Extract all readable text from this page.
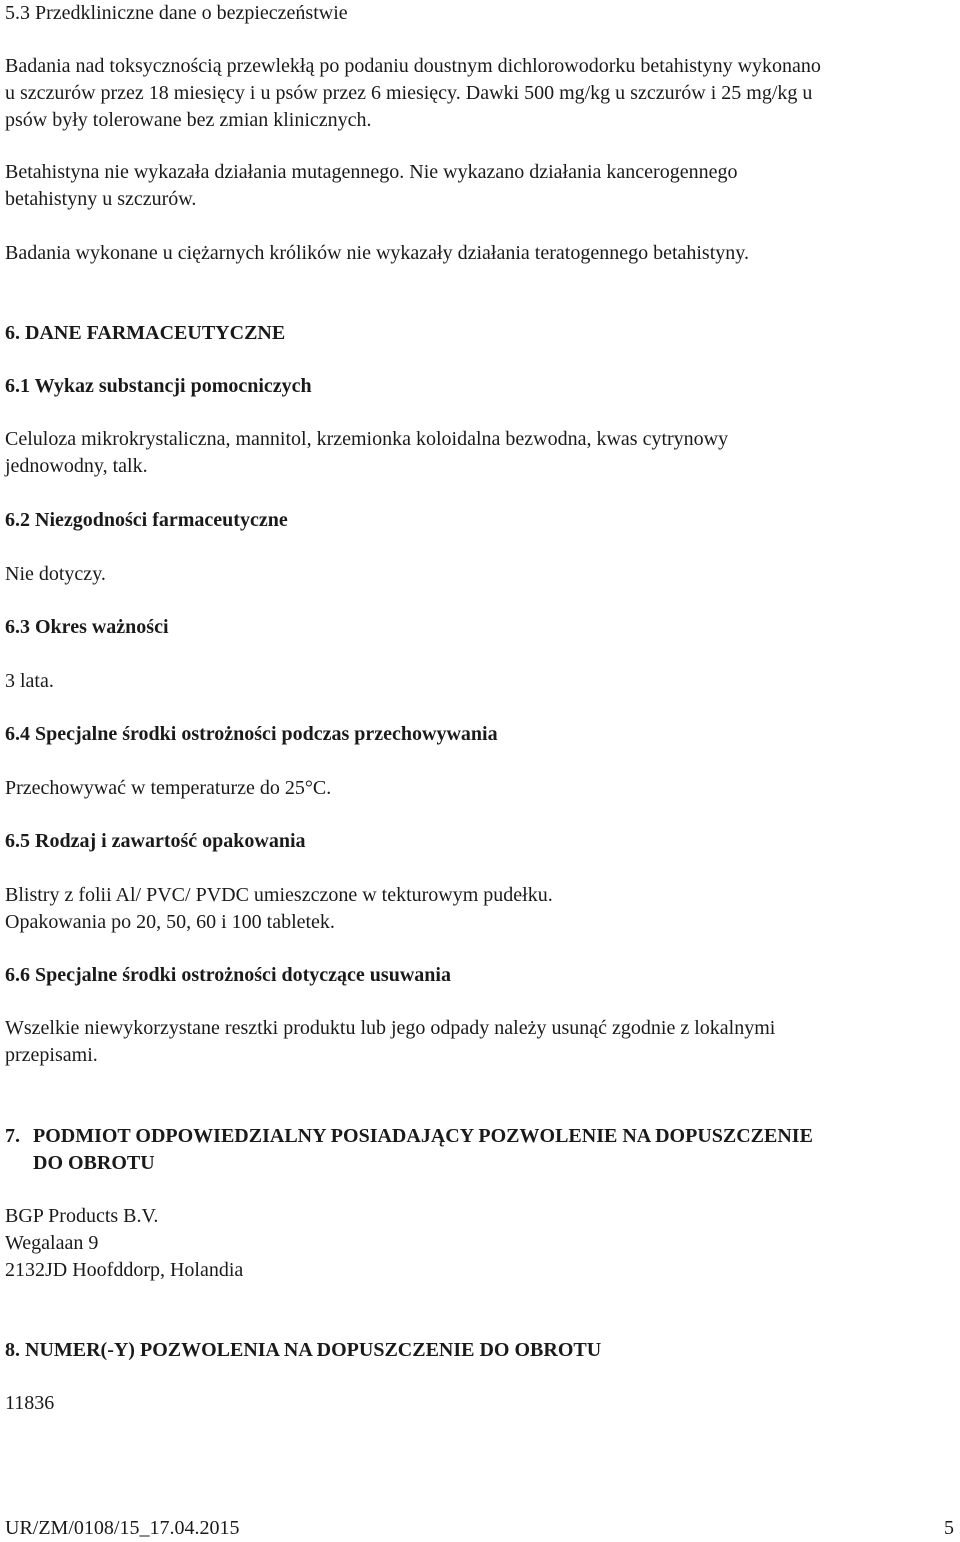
5.3 Przedkliniczne dane o bezpieczeństwie
Badania nad toksycznością przewlekłą po podaniu doustnym dichlorowodorku betahistyny wykonano
u szczurów przez 18 miesięcy i u psów przez 6 miesięcy. Dawki 500 mg/kg u szczurów i 25 mg/kg u
psów były tolerowane bez zmian klinicznych.
Betahistyna nie wykazała działania mutagennego. Nie wykazano działania kancerogennego
betahistyny u szczurów.
Badania wykonane u ciężarnych królików nie wykazały działania teratogennego betahistyny.
6. DANE FARMACEUTYCZNE
6.1 Wykaz substancji pomocniczych
Celuloza mikrokrystaliczna, mannitol, krzemionka koloidalna bezwodna, kwas cytrynowy
jednowodny, talk.
6.2 Niezgodności farmaceutyczne
Nie dotyczy.
6.3 Okres ważności
3 lata.
6.4 Specjalne środki ostrożności podczas przechowywania
Przechowywać w temperaturze do 25°C.
6.5 Rodzaj i zawartość opakowania
Blistry z folii Al/ PVC/ PVDC umieszczone w tekturowym pudełku.
Opakowania po 20, 50, 60 i 100 tabletek.
6.6 Specjalne środki ostrożności dotyczące usuwania
Wszelkie niewykorzystane resztki produktu lub jego odpady należy usunąć zgodnie z lokalnymi
przepisami.
7. PODMIOT ODPOWIEDZIALNY POSIADAJĄCY POZWOLENIE NA DOPUSZCZENIE
DO OBROTU
BGP Products B.V.
Wegalaan 9
2132JD Hoofddorp, Holandia
8. NUMER(-Y) POZWOLENIA NA DOPUSZCZENIE DO OBROTU
11836
UR/ZM/0108/15_17.04.2015	5
